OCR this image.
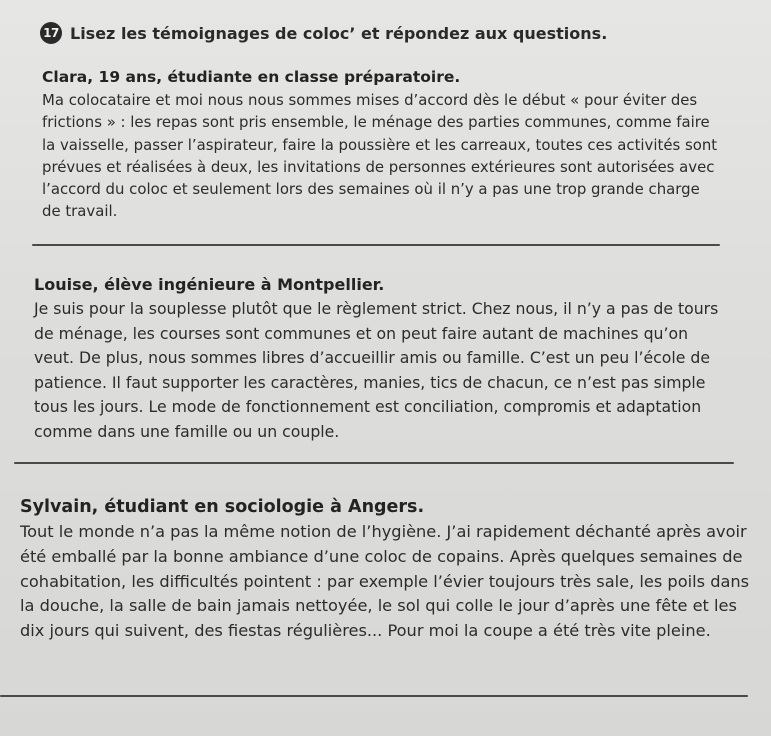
17 Lisez les témoignages de coloc’ et répondez aux questions.

Clara, 19 ans, étudiante en classe préparatoire.

Ma colocataire et moi nous nous sommes mises d’accord dès le début « pour éviter des frictions » : les repas sont pris ensemble, le ménage des parties communes, comme faire la vaisselle, passer l’aspirateur, faire la poussière et les carreaux, toutes ces activités sont prévues et réalisées à deux, les invitations de personnes extérieures sont autorisées avec l’accord du coloc et seulement lors des semaines où il n’y a pas une trop grande charge de travail.

Louise, élève ingénieure à Montpellier.

Je suis pour la souplesse plutôt que le règlement strict. Chez nous, il n’y a pas de tours de ménage, les courses sont communes et on peut faire autant de machines qu’on veut. De plus, nous sommes libres d’accueillir amis ou famille. C’est un peu l’école de patience. Il faut supporter les caractères, manies, tics de chacun, ce n’est pas simple tous les jours. Le mode de fonctionnement est conciliation, compromis et adaptation comme dans une famille ou un couple.

Sylvain, étudiant en sociologie à Angers.

Tout le monde n’a pas la même notion de l’hygiène. J’ai rapidement déchanté après avoir été emballé par la bonne ambiance d’une coloc de copains. Après quelques semaines de cohabitation, les difficultés pointent : par exemple l’évier toujours très sale, les poils dans la douche, la salle de bain jamais nettoyée, le sol qui colle le jour d’après une fête et les dix jours qui suivent, des fiestas régulières... Pour moi la coupe a été très vite pleine.
